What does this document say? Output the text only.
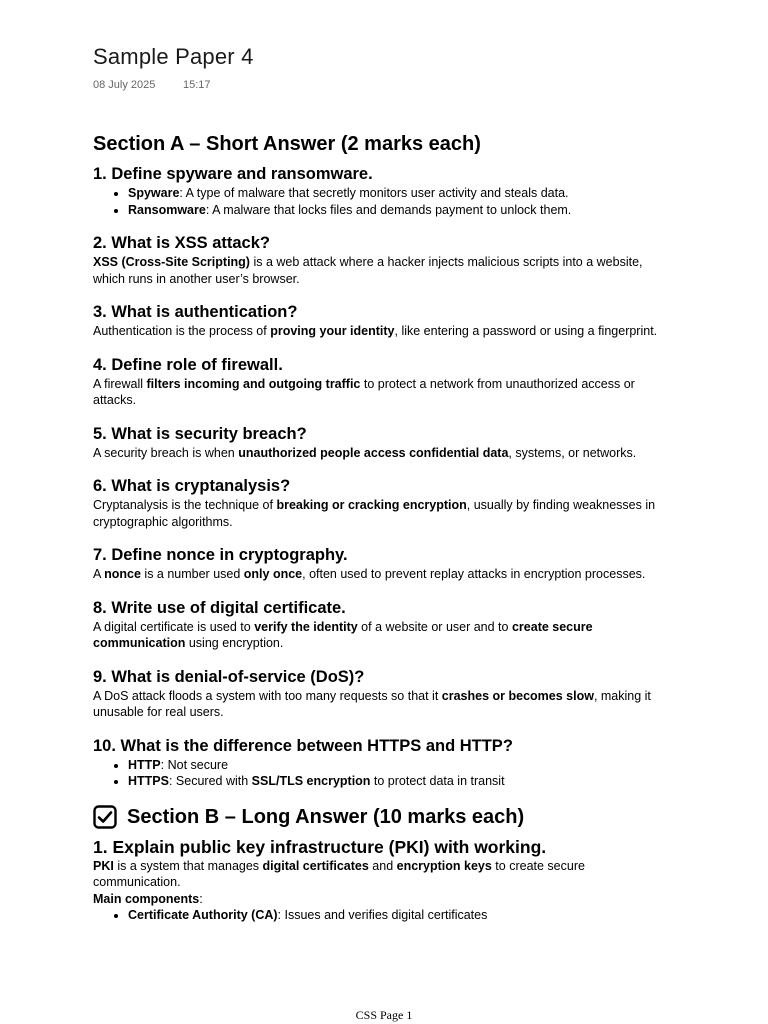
Sample Paper 4
08 July 2025	15:17
Section A – Short Answer (2 marks each)
1. Define spyware and ransomware.
• Spyware: A type of malware that secretly monitors user activity and steals data.
• Ransomware: A malware that locks files and demands payment to unlock them.
2. What is XSS attack?

XSS (Cross-Site Scripting) is a web attack where a hacker injects malicious scripts into a website, which runs in another user’s browser.

3. What is authentication?

Authentication is the process of proving your identity, like entering a password or using a fingerprint.

4. Define role of firewall.

A firewall filters incoming and outgoing traffic to protect a network from unauthorized access or attacks.

5. What is security breach?

A security breach is when unauthorized people access confidential data, systems, or networks.

6. What is cryptanalysis?

Cryptanalysis is the technique of breaking or cracking encryption, usually by finding weaknesses in cryptographic algorithms.

7. Define nonce in cryptography.

A nonce is a number used only once, often used to prevent replay attacks in encryption processes.

8. Write use of digital certificate.

A digital certificate is used to verify the identity of a website or user and to create secure communication using encryption.

9. What is denial-of-service (DoS)?

A DoS attack floods a system with too many requests so that it crashes or becomes slow, making it unusable for real users.

10. What is the difference between HTTPS and HTTP?
• HTTP: Not secure
• HTTPS: Secured with SSL/TLS encryption to protect data in transit
Section B – Long Answer (10 marks each)
1. Explain public key infrastructure (PKI) with working.

PKI is a system that manages digital certificates and encryption keys to create secure communication.

Main components:

• Certificate Authority (CA): Issues and verifies digital certificates
CSS Page 1
